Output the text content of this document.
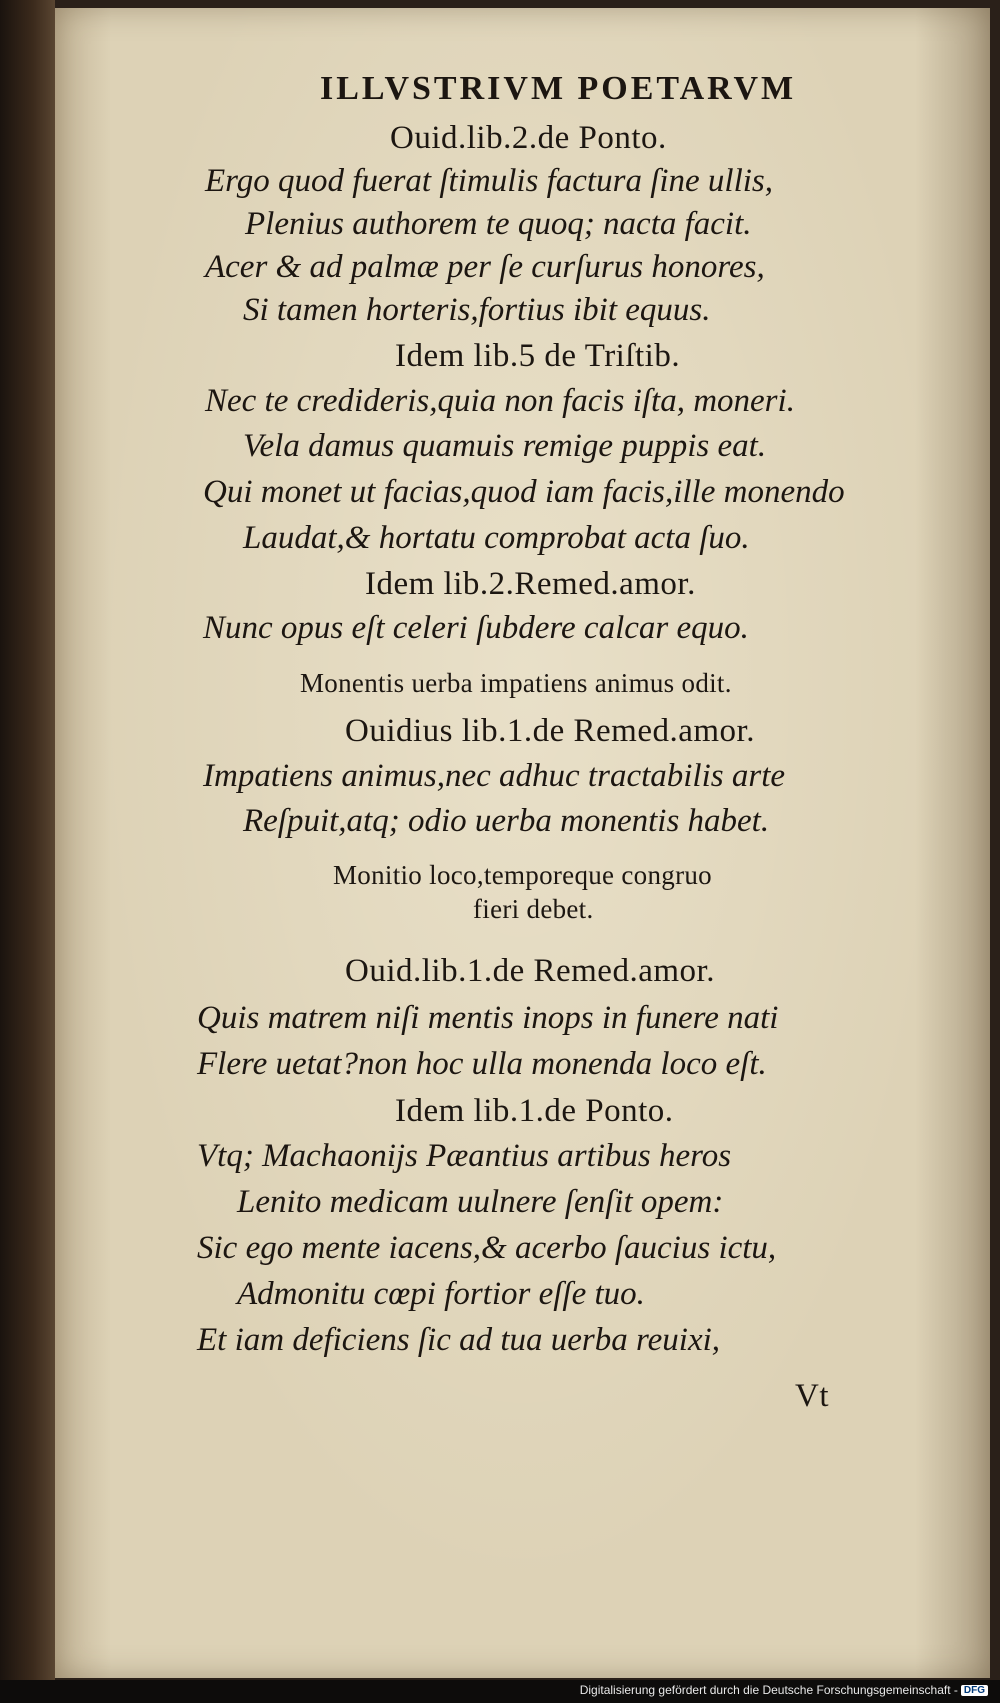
ILLVSTRIVM POETARVM
Ouid.lib.2.de Ponto.
Ergo quod fuerat ſtimulis factura ſine ullis,
Plenius authorem te quoq; nacta facit.
Acer & ad palmæ per ſe curſurus honores,
Si tamen horteris,fortius ibit equus.
Idem lib.5 de Triſtib.
Nec te credideris,quia non facis iſta, moneri.
Vela damus quamuis remige puppis eat.
Qui monet ut facias,quod iam facis,ille monendo
Laudat,& hortatu comprobat acta ſuo.
Idem lib.2.Remed.amor.
Nunc opus eſt celeri ſubdere calcar equo.
Monentis uerba impatiens animus odit.
Ouidius lib.1.de Remed.amor.
Impatiens animus,nec adhuc tractabilis arte
Reſpuit,atq; odio uerba monentis habet.
Monitio loco,temporeque congruo
fieri debet.
Ouid.lib.1.de Remed.amor.
Quis matrem niſi mentis inops in funere nati
Flere uetat?non hoc ulla monenda loco eſt.
Idem lib.1.de Ponto.
Vtq; Machaonijs Pæantius artibus heros
Lenito medicam uulnere ſenſit opem:
Sic ego mente iacens,& acerbo ſaucius ictu,
Admonitu cœpi fortior eſſe tuo.
Et iam deficiens ſic ad tua uerba reuixi,
Vt
Digitalisierung gefördert durch die Deutsche Forschungsgemeinschaft - DFG
